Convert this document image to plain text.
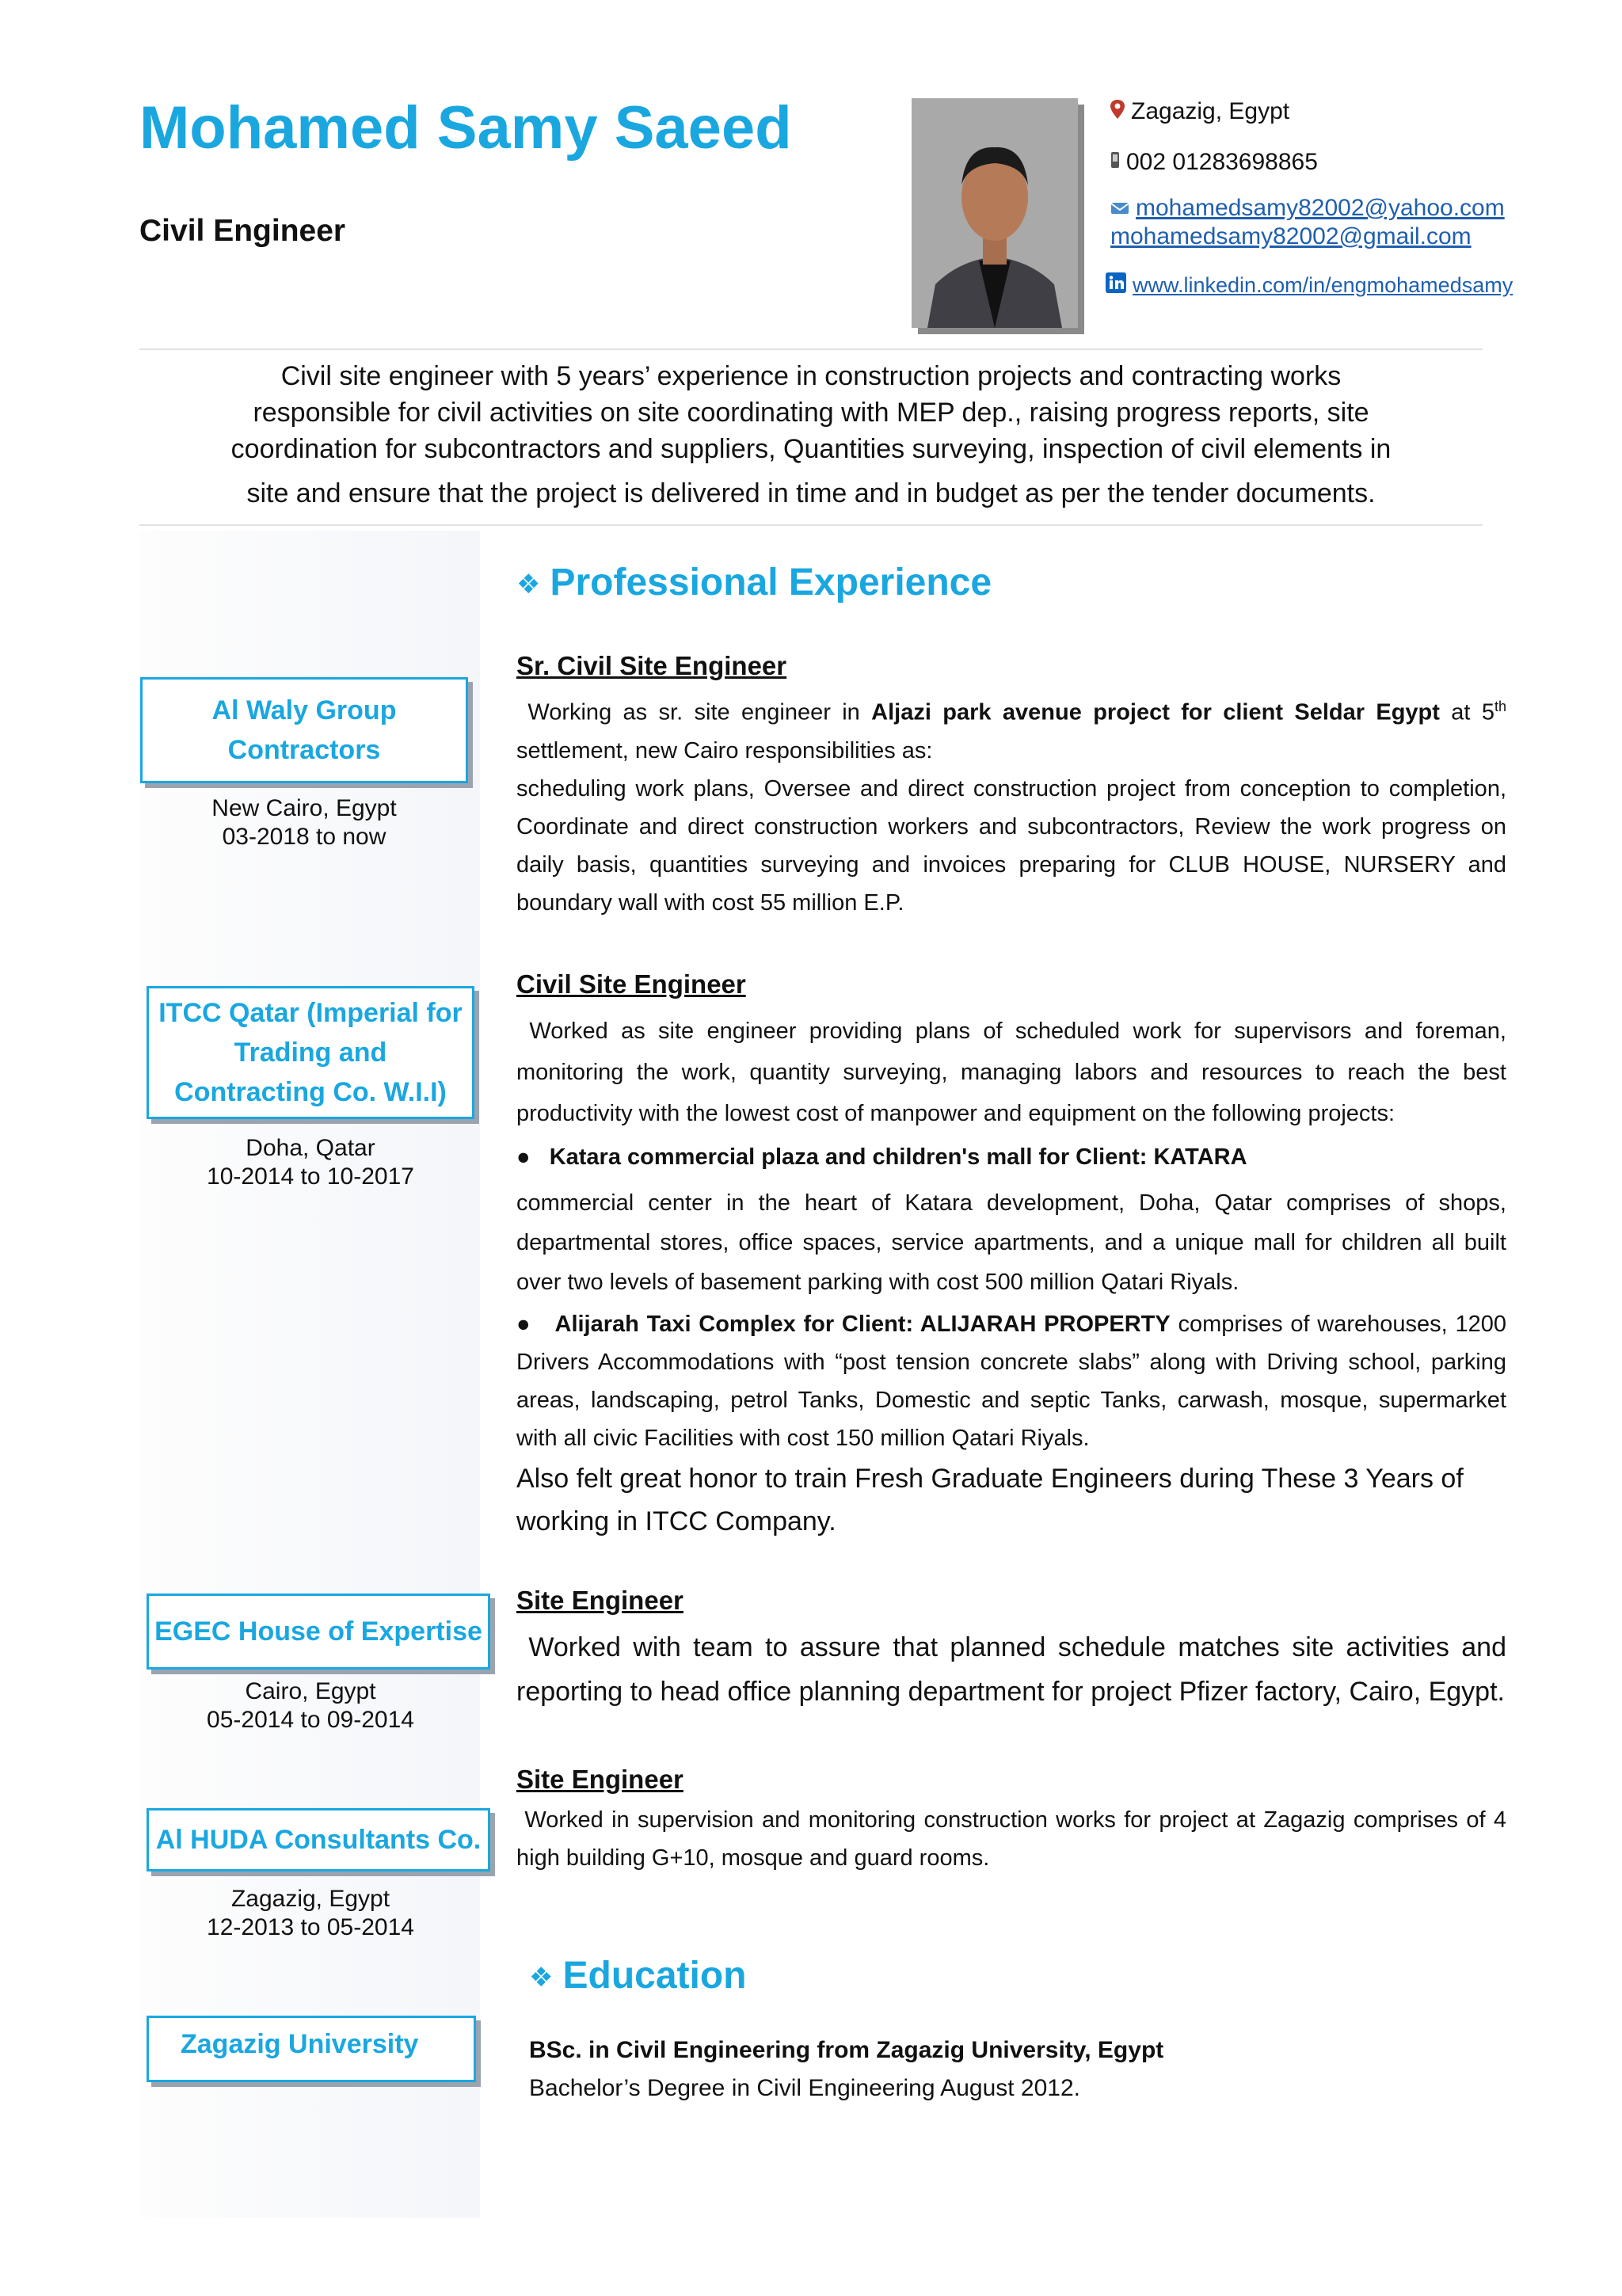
Mohamed Samy Saeed
Civil Engineer
Zagazig, Egypt
002 01283698865
mohamedsamy82002@yahoo.com
mohamedsamy82002@gmail.com
www.linkedin.com/in/engmohamedsamy
Civil site engineer with 5 years’ experience in construction projects and contracting works
responsible for civil activities on site coordinating with MEP dep., raising progress reports, site
coordination for subcontractors and suppliers, Quantities surveying, inspection of civil elements in
site and ensure that the project is delivered in time and in budget as per the tender documents.
❖ Professional Experience
Al Waly Group
Contractors
New Cairo, Egypt
03-2018 to now
Sr. Civil Site Engineer
Working as sr. site engineer in Aljazi park avenue project for client Seldar Egypt at 5th settlement, new Cairo responsibilities as:
scheduling work plans, Oversee and direct construction project from conception to completion, Coordinate and direct construction workers and subcontractors, Review the work progress on daily basis, quantities surveying and invoices preparing for CLUB HOUSE, NURSERY and boundary wall with cost 55 million E.P.
ITCC Qatar (Imperial for
Trading and
Contracting Co. W.I.I)
Doha, Qatar
10-2014 to 10-2017
Civil Site Engineer
Worked as site engineer providing plans of scheduled work for supervisors and foreman, monitoring the work, quantity surveying, managing labors and resources to reach the best productivity with the lowest cost of manpower and equipment on the following projects:
● Katara commercial plaza and children's mall for Client: KATARA
commercial center in the heart of Katara development, Doha, Qatar comprises of shops, departmental stores, office spaces, service apartments, and a unique mall for children all built over two levels of basement parking with cost 500 million Qatari Riyals.
● Alijarah Taxi Complex for Client: ALIJARAH PROPERTY comprises of warehouses, 1200 Drivers Accommodations with “post tension concrete slabs” along with Driving school, parking areas, landscaping, petrol Tanks, Domestic and septic Tanks, carwash, mosque, supermarket with all civic Facilities with cost 150 million Qatari Riyals.
Also felt great honor to train Fresh Graduate Engineers during These 3 Years of working in ITCC Company.
EGEC House of Expertise
Cairo, Egypt
05-2014 to 09-2014
Site Engineer
Worked with team to assure that planned schedule matches site activities and reporting to head office planning department for project Pfizer factory, Cairo, Egypt.
Al HUDA Consultants Co.
Zagazig, Egypt
12-2013 to 05-2014
Site Engineer
Worked in supervision and monitoring construction works for project at Zagazig comprises of 4 high building G+10, mosque and guard rooms.
❖ Education
Zagazig University	BSc. in Civil Engineering from Zagazig University, Egypt
Bachelor’s Degree in Civil Engineering August 2012.
